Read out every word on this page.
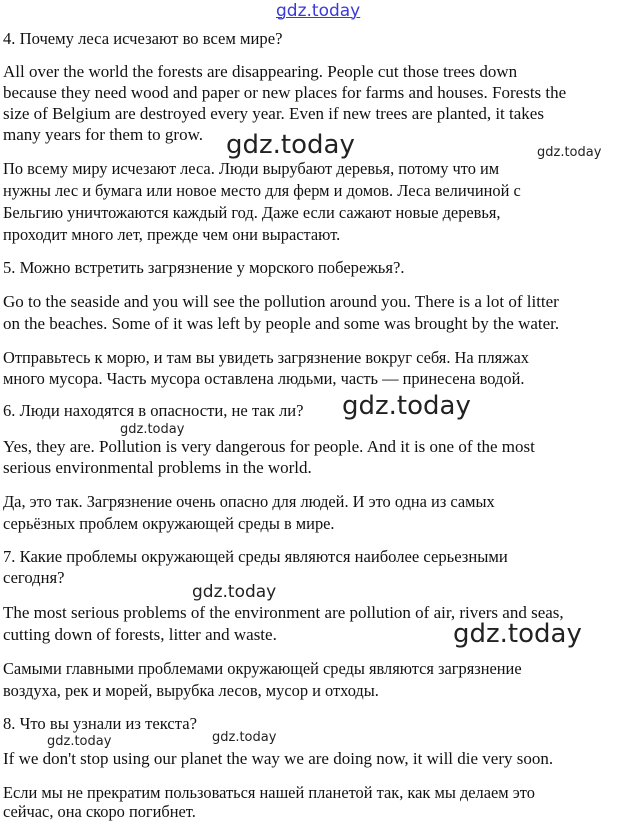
gdz.today
4. Почему леса исчезают во всем мире?
All over the world the forests are disappearing. People cut those trees down
because they need wood and paper or new places for farms and houses. Forests the
size of Belgium are destroyed every year. Even if new trees are planted, it takes
many years for them to grow.
По всему миру исчезают леса. Люди вырубают деревья, потому что им
нужны лес и бумага или новое место для ферм и домов. Леса величиной с
Бельгию уничтожаются каждый год. Даже если сажают новые деревья,
проходит много лет, прежде чем они вырастают.
5. Можно встретить загрязнение у морского побережья?.
Go to the seaside and you will see the pollution around you. There is a lot of litter
on the beaches. Some of it was left by people and some was brought by the water.
Отправьтесь к морю, и там вы увидеть загрязнение вокруг себя. На пляжах
много мусора. Часть мусора оставлена людьми, часть — принесена водой.
6. Люди находятся в опасности, не так ли?
Yes, they are. Pollution is very dangerous for people. And it is one of the most
serious environmental problems in the world.
Да, это так. Загрязнение очень опасно для людей. И это одна из самых
серьёзных проблем окружающей среды в мире.
7. Какие проблемы окружающей среды являются наиболее серьезными
сегодня?
The most serious problems of the environment are pollution of air, rivers and seas,
cutting down of forests, litter and waste.
Самыми главными проблемами окружающей среды являются загрязнение
воздуха, рек и морей, вырубка лесов, мусор и отходы.
8. Что вы узнали из текста?
If we don't stop using our planet the way we are doing now, it will die very soon.
Если мы не прекратим пользоваться нашей планетой так, как мы делаем это
сейчас, она скоро погибнет.
gdz.today	gdz.today
gdz.today
gdz.today
gdz.today
gdz.today
gdz.today	gdz.today
